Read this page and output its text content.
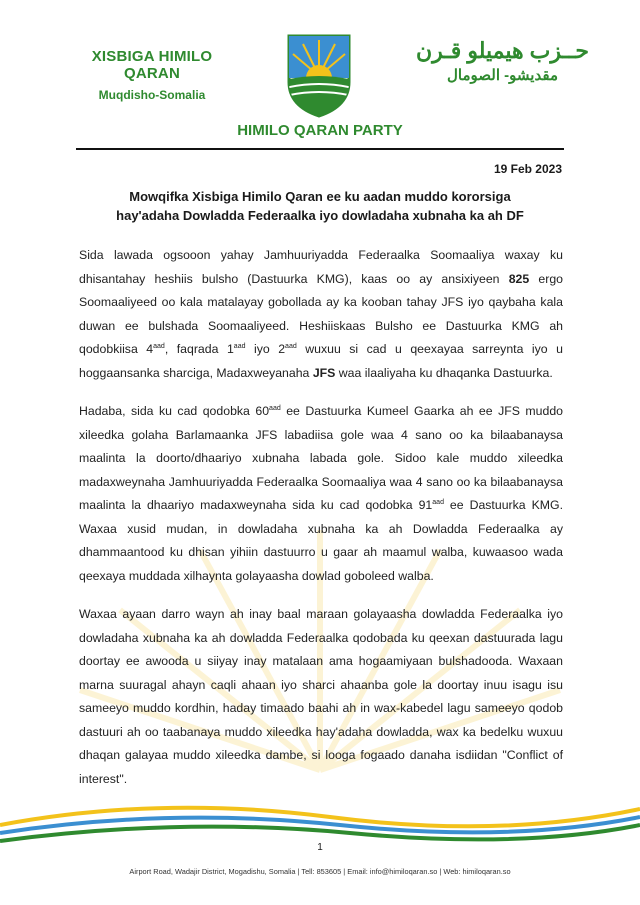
XISBIGA HIMILO QARAN
Muqdisho-Somalia
حــزب هيميلو قـرن
مقديشو- الصومال
HIMILO QARAN PARTY
19 Feb 2023
Mowqifka Xisbiga Himilo Qaran ee ku aadan muddo kororsiga
hay'adaha Dowladda Federaalka iyo dowladaha xubnaha ka ah DF

Sida lawada ogsooon yahay Jamhuuriyadda Federaalka Soomaaliya waxay ku dhisantahay heshiis bulsho (Dastuurka KMG), kaas oo ay ansixiyeen 825 ergo Soomaaliyeed oo kala matalayay gobollada ay ka kooban tahay JFS iyo qaybaha kala duwan ee bulshada Soomaaliyeed. Heshiiskaas Bulsho ee Dastuurka KMG ah qodobkiisa $4^{aad}$, faqrada $1^{aad}$ iyo $2^{aad}$ wuxuu si cad u qeexayaa sarreynta iyo u hoggaansanka sharciga, Madaxweyanaha JFS waa ilaaliyaha ku dhaqanka Dastuurka.

Hadaba, sida ku cad qodobka $60^{aad}$ ee Dastuurka Kumeel Gaarka ah ee JFS muddo xileedka golaha Barlamaanka JFS labadiisa gole waa 4 sano oo ka bilaabanaysa maalinta la doorto/dhaariyo xubnaha labada gole. Sidoo kale muddo xileedka madaxweynaha Jamhuuriyadda Federaalka Soomaaliya waa 4 sano oo ka bilaabanaysa maalinta la dhaariyo madaxweynaha sida ku cad qodobka $91^{aad}$ ee Dastuurka KMG. Waxaa xusid mudan, in dowladaha xubnaha ka ah Dowladda Federaalka ay dhammaantood ku dhisan yihiin dastuurro u gaar ah maamul walba, kuwaasoo wada qeexaya muddada xilhaynta golayaasha dowlad goboleed walba.

Waxaa ayaan darro wayn ah inay baal maraan golayaasha dowladda Federaalka iyo dowladaha xubnaha ka ah dowladda Federaalka qodobada ku qeexan dastuurada lagu doortay ee awooda u siiyay inay matalaan ama hogaamiyaan bulshadooda. Waxaan marna suuragal ahayn caqli ahaan iyo sharci ahaanba gole la doortay inuu isagu isu sameeyo muddo kordhin, haday timaado baahi ah in wax-kabedel lagu sameeyo qodob dastuuri ah oo taabanaya muddo xileedka hay'adaha dowladda, wax ka bedelku wuxuu dhaqan galayaa muddo xileedka dambe, si looga fogaado danaha isdiidan "Conflict of interest".

1
Airport Road, Wadajir District, Mogadishu, Somalia | Tell: 853605 | Email: info@himiloqaran.so | Web: himiloqaran.so
